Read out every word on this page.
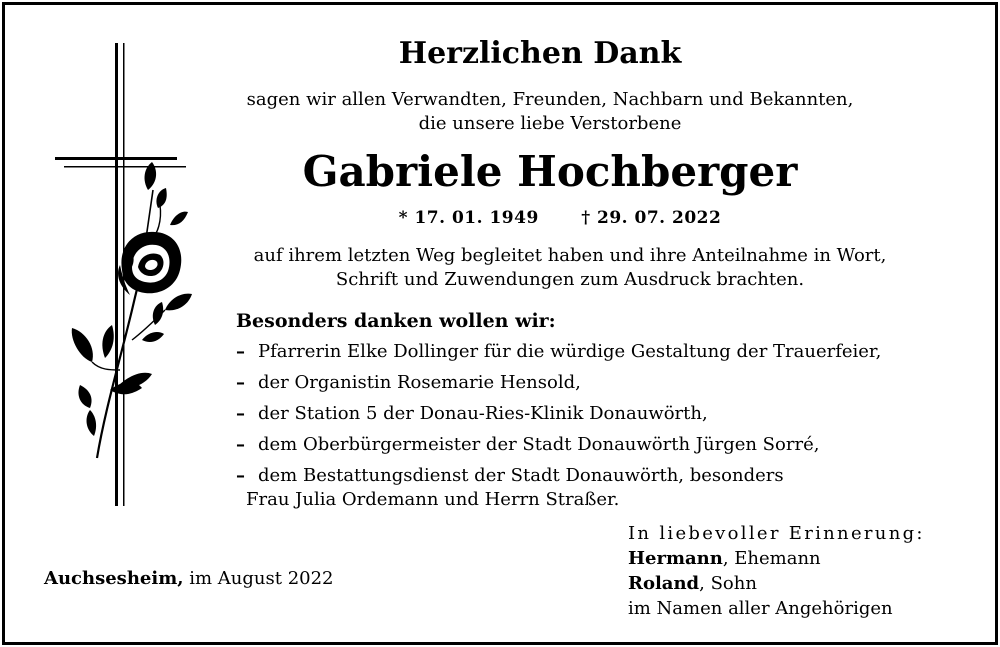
Herzlichen Dank
sagen wir allen Verwandten, Freunden, Nachbarn und Bekannten,
die unsere liebe Verstorbene
Gabriele Hochberger
* 17. 01. 1949 † 29. 07. 2022
auf ihrem letzten Weg begleitet haben und ihre Anteilnahme in Wort,
Schrift und Zuwendungen zum Ausdruck brachten.
Besonders danken wollen wir:
– Pfarrerin Elke Dollinger für die würdige Gestaltung der Trauerfeier,
– der Organistin Rosemarie Hensold,
– der Station 5 der Donau-Ries-Klinik Donauwörth,
– dem Oberbürgermeister der Stadt Donauwörth Jürgen Sorré,
– dem Bestattungsdienst der Stadt Donauwörth, besonders
Frau Julia Ordemann und Herrn Straßer.
Auchsesheim, im August 2022
In liebevoller Erinnerung:
Hermann, Ehemann
Roland, Sohn
im Namen aller Angehörigen
